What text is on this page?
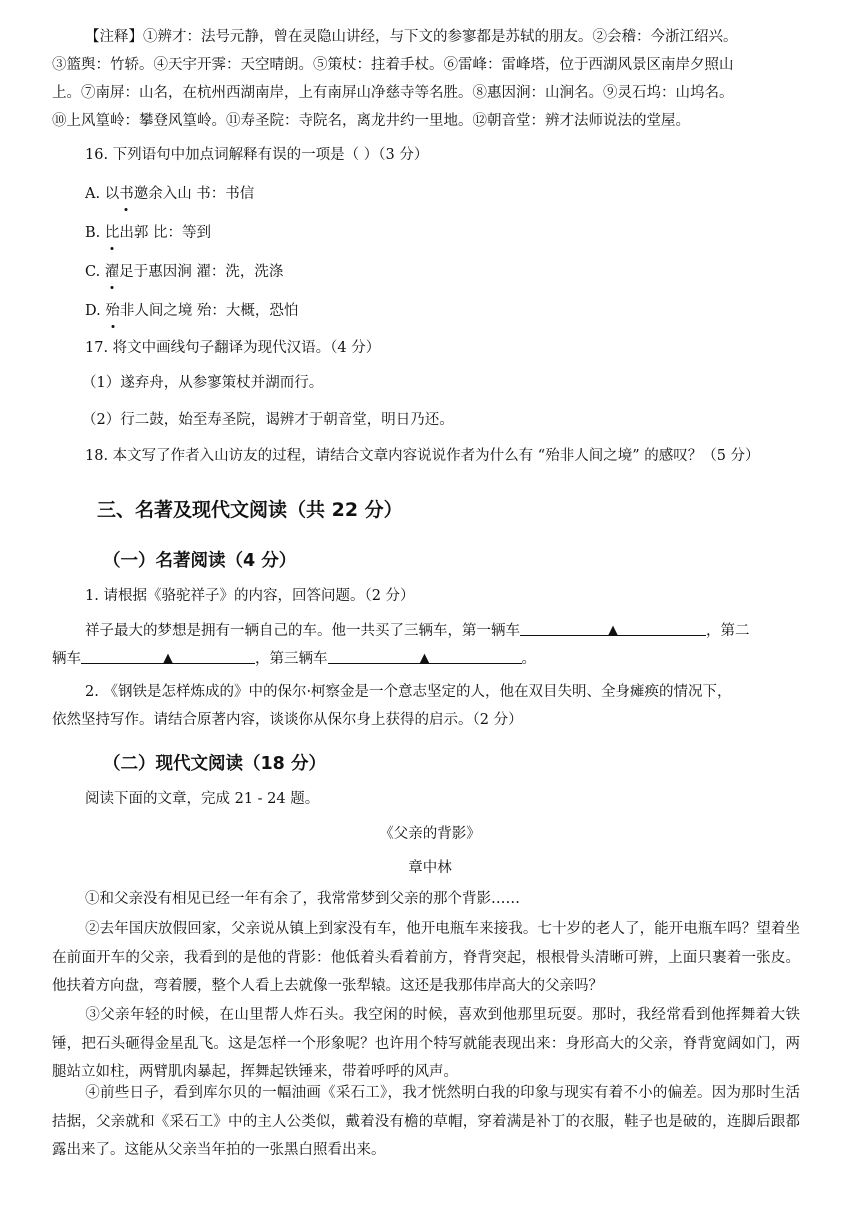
【注释】①辨才：法号元静，曾在灵隐山讲经，与下文的参寥都是苏轼的朋友。②会稽：今浙江绍兴。
③篮舆：竹轿。④天宇开霁：天空晴朗。⑤策杖：拄着手杖。⑥雷峰：雷峰塔，位于西湖风景区南岸夕照山
上。⑦南屏：山名，在杭州西湖南岸，上有南屏山净慈寺等名胜。⑧惠因涧：山涧名。⑨灵石坞：山坞名。
⑩上风篁岭：攀登风篁岭。⑪寿圣院：寺院名，离龙井约一里地。⑫朝音堂：辨才法师说法的堂屋。
16. 下列语句中加点词解释有误的一项是（ ）（3 分）
A. 以书邀余入山 书：书信
B. 比出郭 比：等到
C. 濯足于惠因涧 濯：洗，洗涤
D. 殆非人间之境 殆：大概，恐怕
17. 将文中画线句子翻译为现代汉语。（4 分）
（1）遂弃舟，从参寥策杖并湖而行。
（2）行二鼓，始至寿圣院，谒辨才于朝音堂，明日乃还。
18. 本文写了作者入山访友的过程，请结合文章内容说说作者为什么有 “殆非人间之境” 的感叹？（5 分）
三、名著及现代文阅读（共 22 分）
（一）名著阅读（4 分）
1. 请根据《骆驼祥子》的内容，回答问题。（2 分）
祥子最大的梦想是拥有一辆自己的车。他一共买了三辆车，第一辆车	▲	，第二
辆车	▲	，第三辆车	▲	。
2. 《钢铁是怎样炼成的》中的保尔·柯察金是一个意志坚定的人，他在双目失明、全身瘫痪的情况下，
依然坚持写作。请结合原著内容，谈谈你从保尔身上获得的启示。（2 分）
（二）现代文阅读（18 分）
阅读下面的文章，完成 21 - 24 题。
《父亲的背影》
章中林
①和父亲没有相见已经一年有余了，我常常梦到父亲的那个背影……
②去年国庆放假回家，父亲说从镇上到家没有车，他开电瓶车来接我。七十岁的老人了，能开电瓶车吗？望着坐在前面开车的父亲，我看到的是他的背影：他低着头看着前方，脊背突起，根根骨头清晰可辨，上面只裹着一张皮。他扶着方向盘，弯着腰，整个人看上去就像一张犁辕。这还是我那伟岸高大的父亲吗？
③父亲年轻的时候，在山里帮人炸石头。我空闲的时候，喜欢到他那里玩耍。那时，我经常看到他挥舞着大铁锤，把石头砸得金星乱飞。这是怎样一个形象呢？也许用个特写就能表现出来：身形高大的父亲，脊背宽阔如门，两腿站立如柱，两臂肌肉暴起，挥舞起铁锤来，带着呼呼的风声。
④前些日子，看到库尔贝的一幅油画《采石工》，我才恍然明白我的印象与现实有着不小的偏差。因为那时生活拮据，父亲就和《采石工》中的主人公类似，戴着没有檐的草帽，穿着满是补丁的衣服，鞋子也是破的，连脚后跟都露出来了。这能从父亲当年拍的一张黑白照看出来。
